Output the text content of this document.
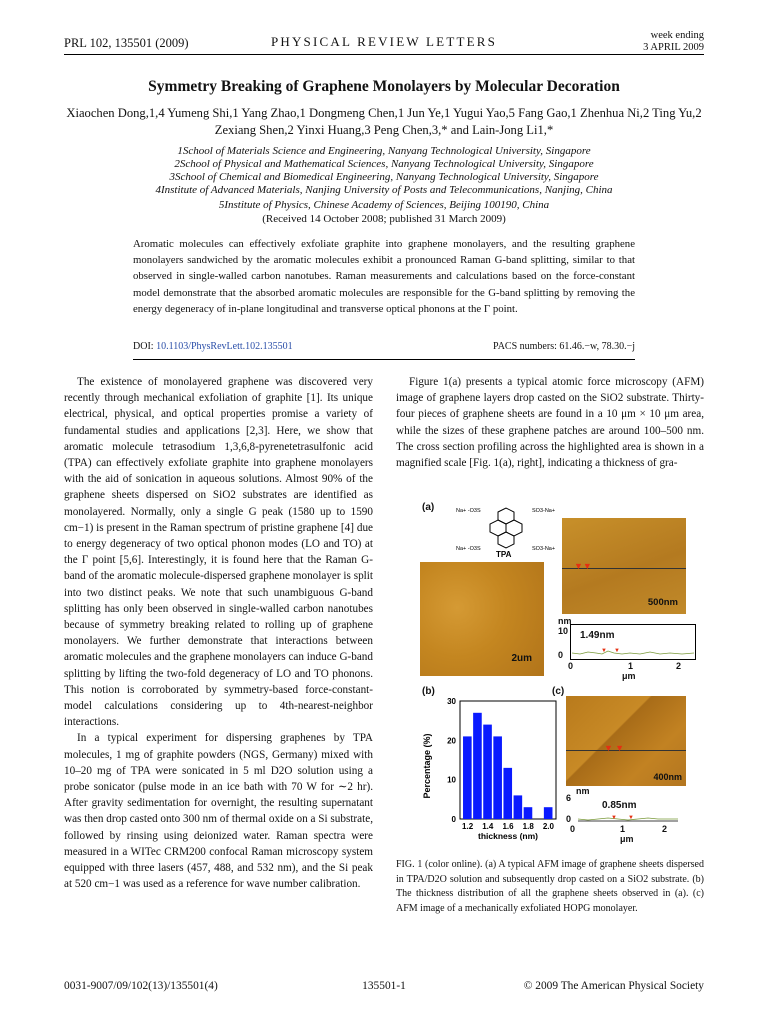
PRL 102, 135501 (2009)	PHYSICAL REVIEW LETTERS	week ending
3 APRIL 2009
Symmetry Breaking of Graphene Monolayers by Molecular Decoration
Xiaochen Dong,1,4 Yumeng Shi,1 Yang Zhao,1 Dongmeng Chen,1 Jun Ye,1 Yugui Yao,5 Fang Gao,1 Zhenhua Ni,2 Ting Yu,2
Zexiang Shen,2 Yinxi Huang,3 Peng Chen,3,* and Lain-Jong Li1,*
1School of Materials Science and Engineering, Nanyang Technological University, Singapore
2School of Physical and Mathematical Sciences, Nanyang Technological University, Singapore
3School of Chemical and Biomedical Engineering, Nanyang Technological University, Singapore
4Institute of Advanced Materials, Nanjing University of Posts and Telecommunications, Nanjing, China
5Institute of Physics, Chinese Academy of Sciences, Beijing 100190, China
(Received 14 October 2008; published 31 March 2009)
Aromatic molecules can effectively exfoliate graphite into graphene monolayers, and the resulting graphene monolayers sandwiched by the aromatic molecules exhibit a pronounced Raman G-band splitting, similar to that observed in single-walled carbon nanotubes. Raman measurements and calculations based on the force-constant model demonstrate that the absorbed aromatic molecules are responsible for the G-band splitting by removing the energy degeneracy of in-plane longitudinal and transverse optical phonons at the Γ point.
DOI: 10.1103/PhysRevLett.102.135501	PACS numbers: 61.46.−w, 78.30.−j

The existence of monolayered graphene was discovered very recently through mechanical exfoliation of graphite [1]. Its unique electrical, physical, and optical properties promise a variety of fundamental studies and applications [2,3]. Here, we show that aromatic molecule tetrasodium 1,3,6,8-pyrenetetrasulfonic acid (TPA) can effectively exfoliate graphite into graphene monolayers with the aid of sonication in aqueous solutions. Almost 90% of the graphene sheets dispersed on SiO2 substrates are identified as monolayered. Normally, only a single G peak (1580 up to 1590 cm−1) is present in the Raman spectrum of pristine graphene [4] due to energy degeneracy of two optical phonon modes (LO and TO) at the Γ point [5,6]. Interestingly, it is found here that the Raman G-band of the aromatic molecule-dispersed graphene monolayer is split into two distinct peaks. We note that such unambiguous G-band splitting has only been observed in single-walled carbon nanotubes because of symmetry breaking related to rolling up of graphene monolayers. We further demonstrate that interactions between aromatic molecules and the graphene monolayers can induce G-band splitting by lifting the two-fold degeneracy of LO and TO phonons. This notion is corroborated by symmetry-based force-constant-model calculations considering up to 4th-nearest-neighbor interactions.

In a typical experiment for dispersing graphenes by TPA molecules, 1 mg of graphite powders (NGS, Germany) mixed with 10–20 mg of TPA were sonicated in 5 ml D2O solution using a probe sonicator (pulse mode in an ice bath with 70 W for ∼2 hr). After gravity sedimentation for overnight, the resulting supernatant was then drop casted onto 300 nm of thermal oxide on a Si substrate, followed by rinsing using deionized water. Raman spectra were measured in a WITec CRM200 confocal Raman microscopy system equipped with three lasers (457, 488, and 532 nm), and the Si peak at 520 cm−1 was used as a reference for wave number calibration.

Figure 1(a) presents a typical atomic force microscopy (AFM) image of graphene layers drop casted on the SiO2 substrate. Thirty-four pieces of graphene sheets are found in a 10 μm × 10 μm area, while the sizes of these graphene patches are around 100–500 nm. The cross section profiling across the highlighted area is shown in a magnified scale [Fig. 1(a), right], indicating a thickness of gra-

(a)	Na+ -O3S	SO3-Na+
Na+ -O3S	SO3-Na+
TPA
2um
▼▼
500nm
nm
10 1.49nm
0	▼ ▼
0	1	2
μm
(b)
Percentage (%)
0
10
20
30
1.2 1.4 1.6 1.8 2.0
thickness (nm)
(c)
▼ ▼
400nm
nm
6
0.85nm
0	▼ ▼
0	1	2
μm
FIG. 1 (color online). (a) A typical AFM image of graphene sheets dispersed in TPA/D2O solution and subsequently drop casted on a SiO2 substrate. (b) The thickness distribution of all the graphene sheets observed in (a). (c) AFM image of a mechanically exfoliated HOPG monolayer.
0031-9007/09/102(13)/135501(4)	135501-1	© 2009 The American Physical Society
